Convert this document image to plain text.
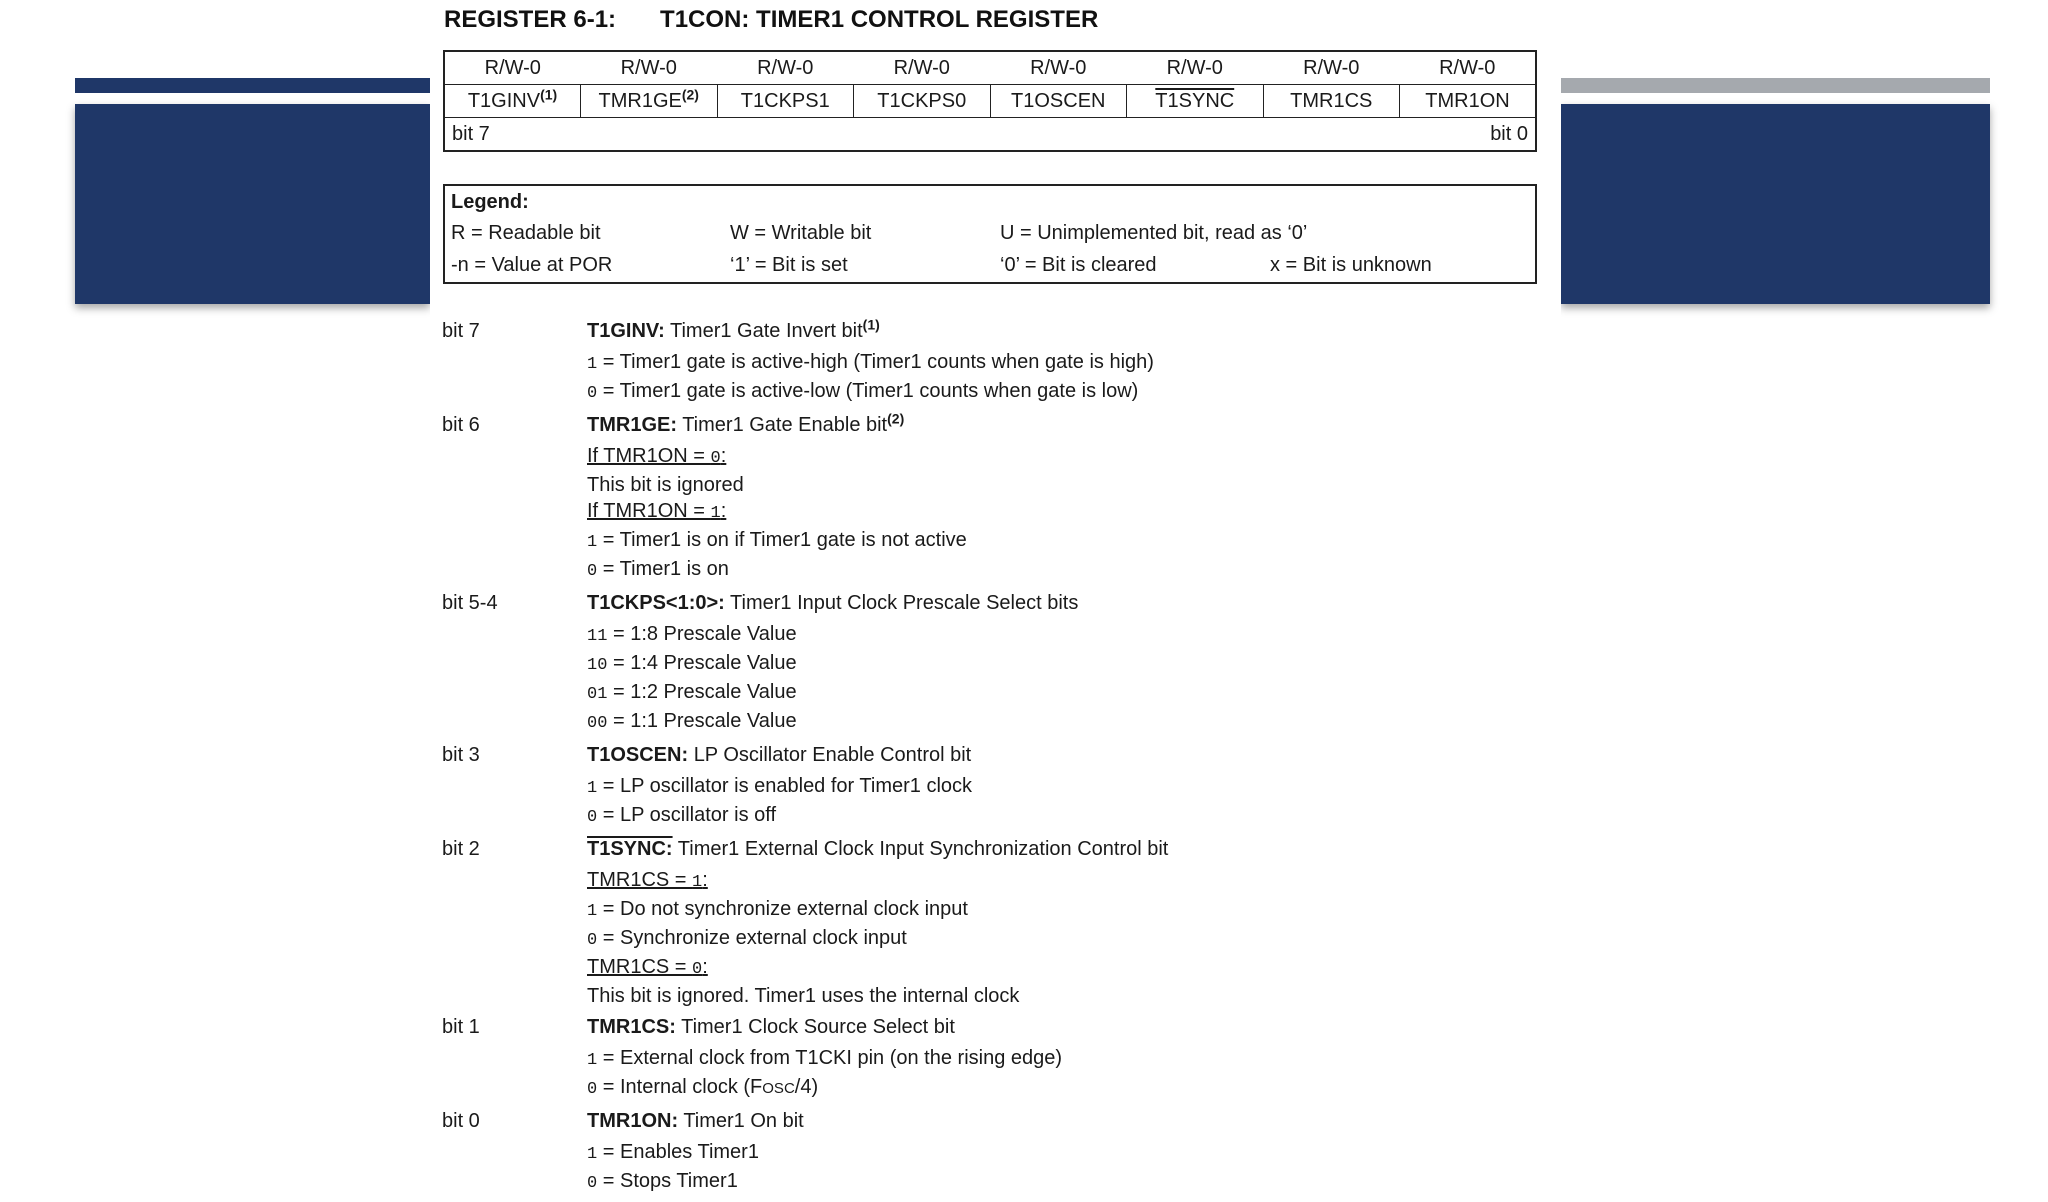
REGISTER 6-1: T1CON: TIMER1 CONTROL REGISTER
R/W-0	R/W-0	R/W-0	R/W-0	R/W-0	R/W-0	R/W-0	R/W-0
T1GINV$^{(1)}$	TMR1GE$^{(2)}$	T1CKPS1	T1CKPS0	T1OSCEN	T1SYNC	TMR1CS	TMR1ON
bit 7				bit 0			
Legend:
R = Readable bit	W = Writable bit	U = Unimplemented bit, read as ‘0’
-n = Value at POR	‘1’ = Bit is set	‘0’ = Bit is cleared	x = Bit is unknown
bit 7	T1GINV: Timer1 Gate Invert bit$^{(1)}$
1 = Timer1 gate is active-high (Timer1 counts when gate is high)
0 = Timer1 gate is active-low (Timer1 counts when gate is low)
bit 6	TMR1GE: Timer1 Gate Enable bit$^{(2)}$
If TMR1ON = 0:
This bit is ignored
If TMR1ON = 1:
1 = Timer1 is on if Timer1 gate is not active
0 = Timer1 is on
bit 5-4	T1CKPS<1:0>: Timer1 Input Clock Prescale Select bits
11 = 1:8 Prescale Value
10 = 1:4 Prescale Value
01 = 1:2 Prescale Value
00 = 1:1 Prescale Value
bit 3	T1OSCEN: LP Oscillator Enable Control bit
1 = LP oscillator is enabled for Timer1 clock
0 = LP oscillator is off
bit 2	T1SYNC: Timer1 External Clock Input Synchronization Control bit
TMR1CS = 1:
1 = Do not synchronize external clock input
0 = Synchronize external clock input
TMR1CS = 0:
This bit is ignored. Timer1 uses the internal clock
bit 1	TMR1CS: Timer1 Clock Source Select bit
1 = External clock from T1CKI pin (on the rising edge)
0 = Internal clock (FOSC/4)
bit 0	TMR1ON: Timer1 On bit
1 = Enables Timer1
0 = Stops Timer1
